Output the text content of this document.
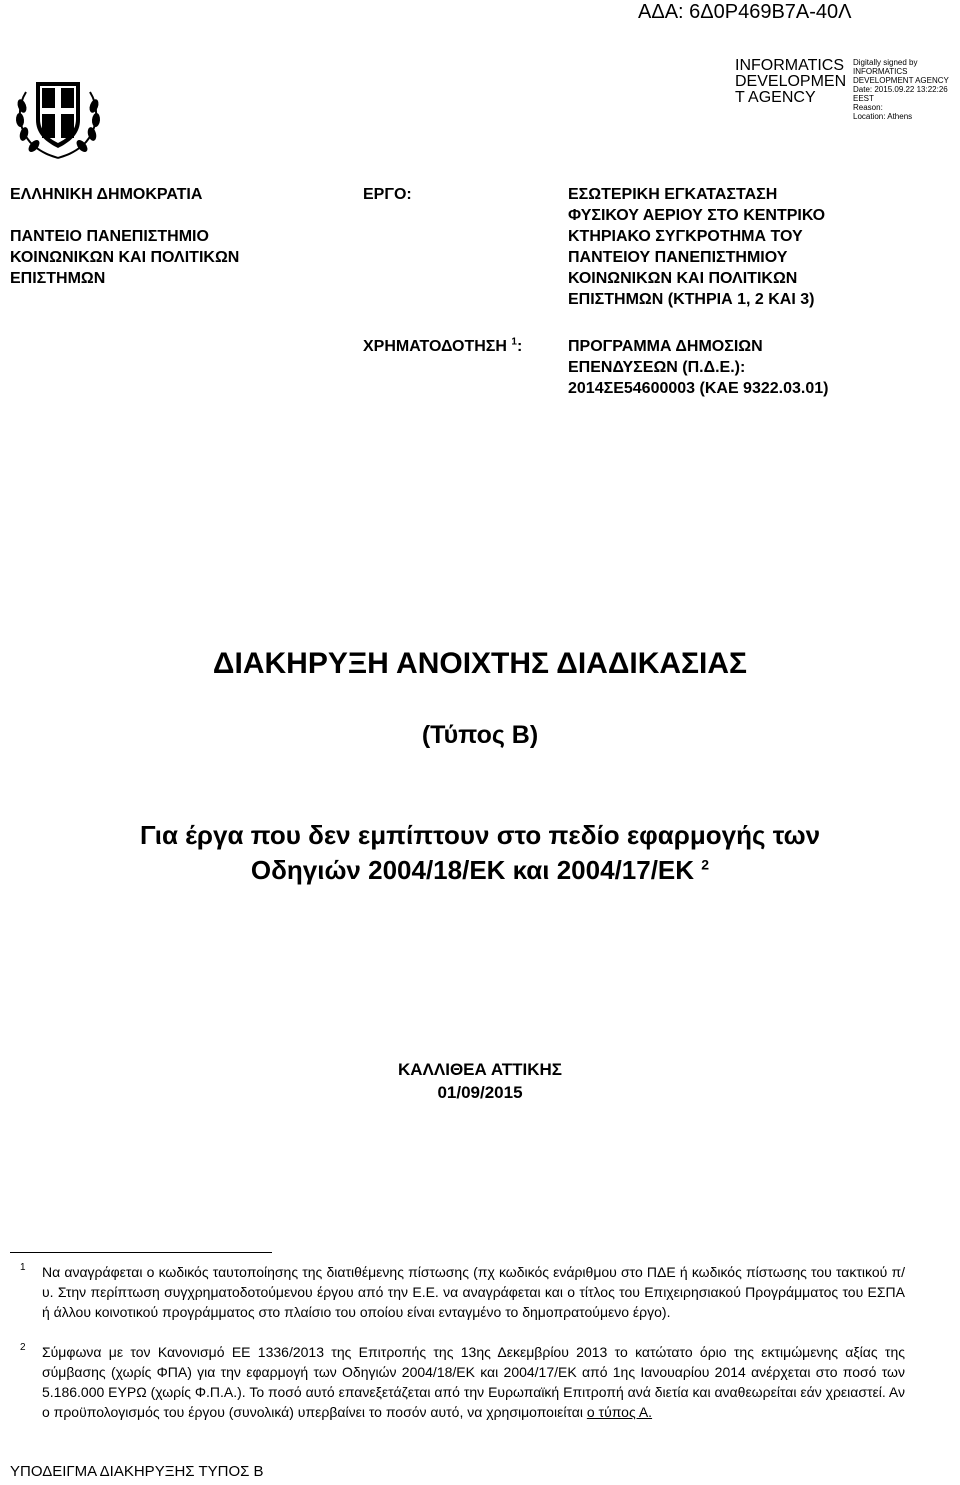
ΑΔΑ: 6Δ0Ρ469Β7Α-40Λ
INFORMATICS
DEVELOPMEN
T AGENCY
Digitally signed by
INFORMATICS
DEVELOPMENT AGENCY
Date: 2015.09.22 13:22:26
EEST
Reason:
Location: Athens
ΕΛΛΗΝΙΚΗ ΔΗΜΟΚΡΑΤΙΑ
ΠΑΝΤΕΙΟ ΠΑΝΕΠΙΣΤΗΜΙΟ
ΚΟΙΝΩΝΙΚΩΝ ΚΑΙ ΠΟΛΙΤΙΚΩΝ
ΕΠΙΣΤΗΜΩΝ
ΕΡΓΟ:	ΕΣΩΤΕΡΙΚΗ ΕΓΚΑΤΑΣΤΑΣΗ
ΦΥΣΙΚΟΥ ΑΕΡΙΟΥ ΣΤΟ ΚΕΝΤΡΙΚΟ
ΚΤΗΡΙΑΚΟ ΣΥΓΚΡΟΤΗΜΑ ΤΟΥ
ΠΑΝΤΕΙΟΥ ΠΑΝΕΠΙΣΤΗΜΙΟΥ
ΚΟΙΝΩΝΙΚΩΝ ΚΑΙ ΠΟΛΙΤΙΚΩΝ
ΕΠΙΣΤΗΜΩΝ (ΚΤΗΡΙΑ 1, 2 ΚΑΙ 3)
ΧΡΗΜΑΤΟΔΟΤΗΣΗ $^1$:	ΠΡΟΓΡΑΜΜΑ ΔΗΜΟΣΙΩΝ
ΕΠΕΝΔΥΣΕΩΝ (Π.Δ.Ε.):
2014ΣΕ54600003 (ΚΑΕ 9322.03.01)
ΔΙΑΚΗΡΥΞΗ ΑΝΟΙΧΤΗΣ ΔΙΑΔΙΚΑΣΙΑΣ
(Τύπος Β)
Για έργα που δεν εμπίπτουν στο πεδίο εφαρμογής των
Οδηγιών 2004/18/ΕΚ και 2004/17/ΕΚ $^2$
ΚΑΛΛΙΘΕΑ ΑΤΤΙΚΗΣ
01/09/2015
1 Να αναγράφεται ο κωδικός ταυτοποίησης της διατιθέμενης πίστωσης (πχ κωδικός ενάριθμου στο ΠΔΕ ή κωδικός πίστωσης του τακτικού π/υ. Στην περίπτωση συγχρηματοδοτούμενου έργου από την Ε.Ε. να αναγράφεται και ο τίτλος του Επιχειρησιακού Προγράμματος του ΕΣΠΑ ή άλλου κοινοτικού προγράμματος στο πλαίσιο του οποίου είναι ενταγμένο το δημοπρατούμενο έργο).
2 Σύμφωνα με τον Κανονισμό ΕΕ 1336/2013 της Επιτροπής της 13ης Δεκεμβρίου 2013 το κατώτατο όριο της εκτιμώμενης αξίας της σύμβασης (χωρίς ΦΠΑ) για την εφαρμογή των Οδηγιών 2004/18/ΕΚ και 2004/17/ΕΚ από 1ης Ιανουαρίου 2014 ανέρχεται στο ποσό των 5.186.000 ΕΥΡΩ (χωρίς Φ.Π.Α.). Το ποσό αυτό επανεξετάζεται από την Ευρωπαϊκή Επιτροπή ανά διετία και αναθεωρείται εάν χρειαστεί. Αν ο προϋπολογισμός του έργου (συνολικά) υπερβαίνει το ποσόν αυτό, να χρησιμοποιείται ο τύπος Α.
ΥΠΟΔΕΙΓΜΑ ΔΙΑΚΗΡΥΞΗΣ ΤΥΠΟΣ Β
